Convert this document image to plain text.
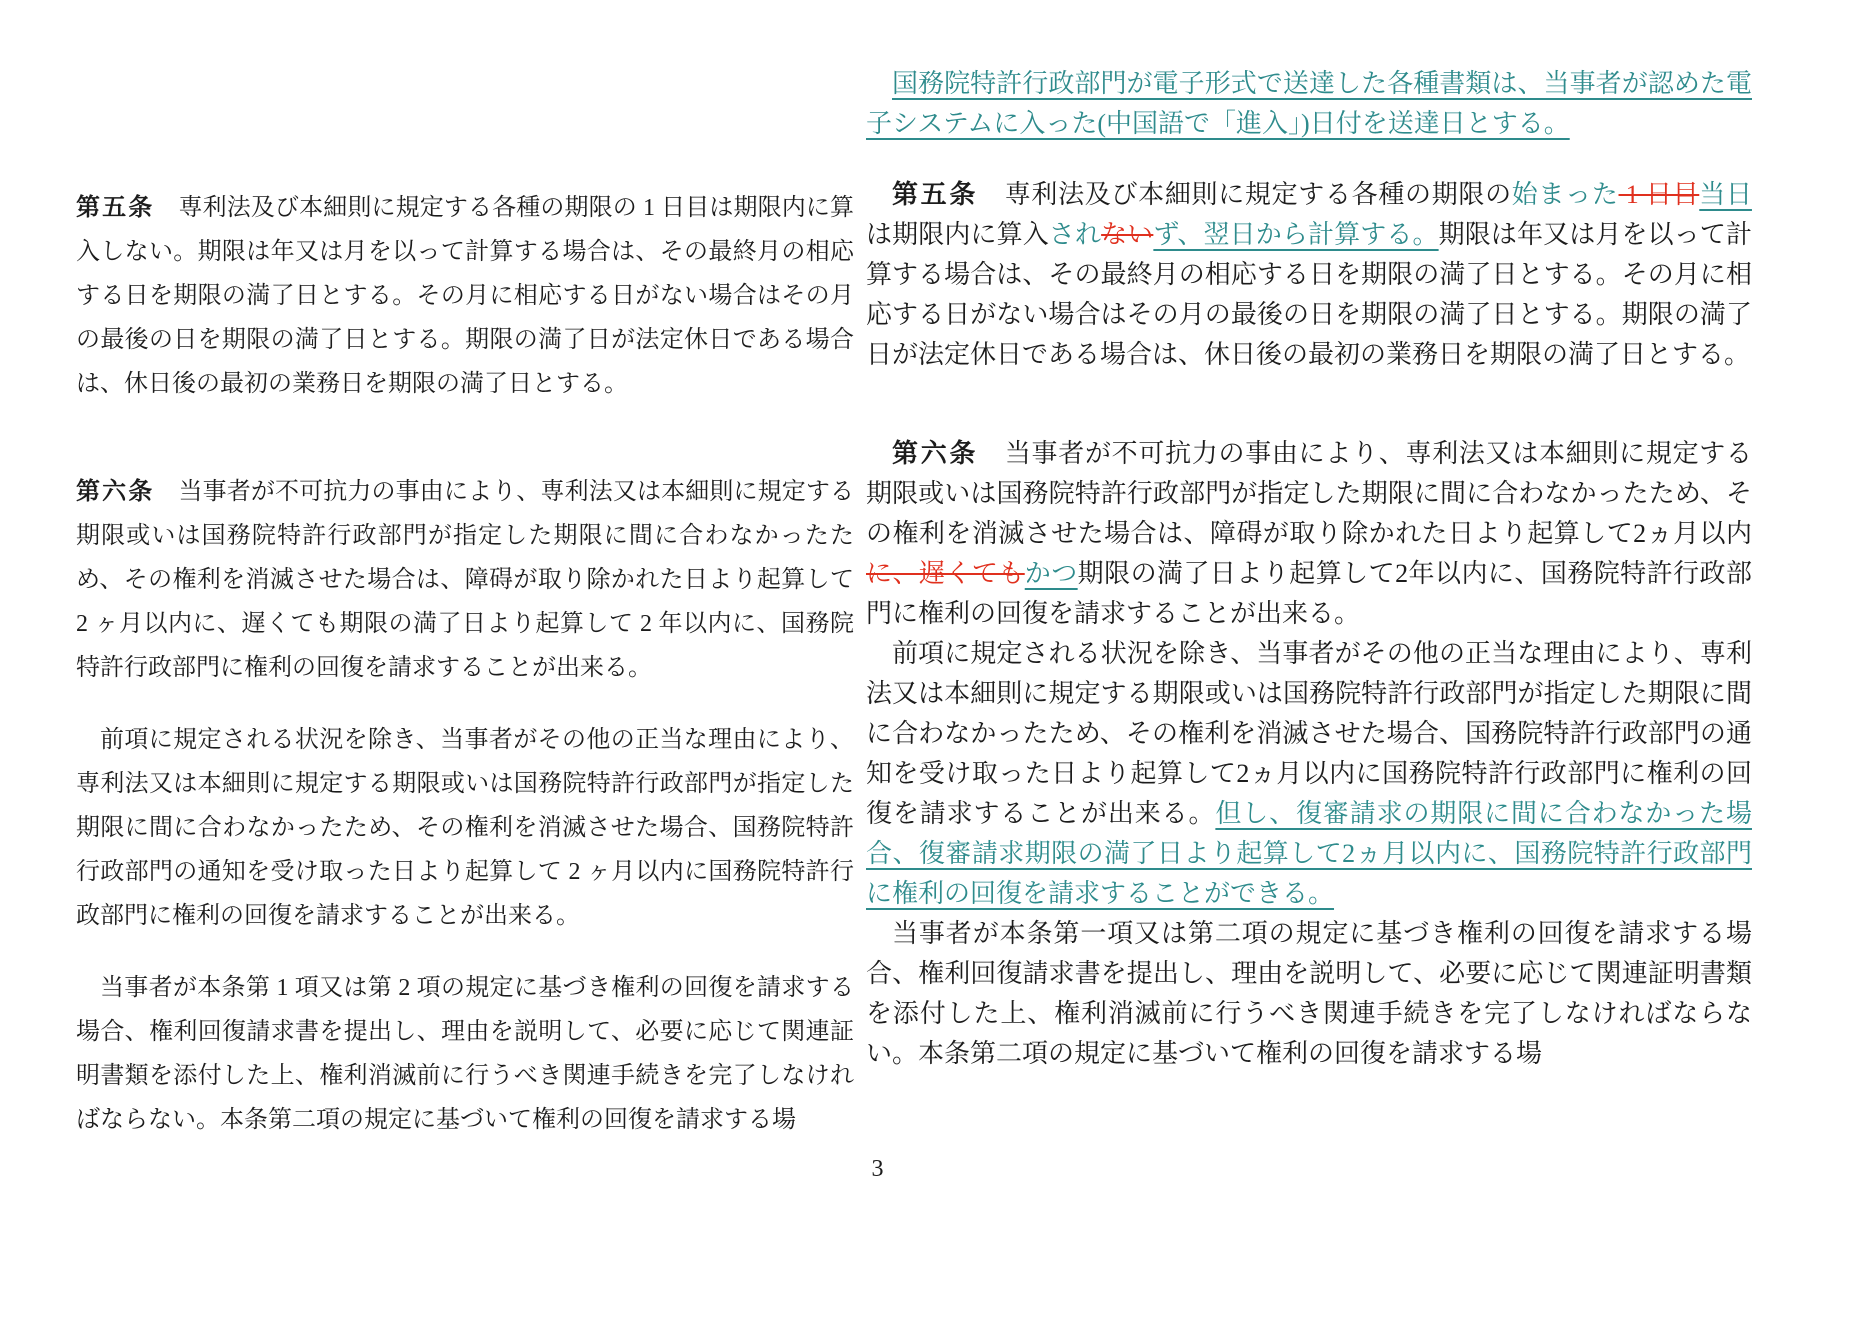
第五条　専利法及び本細則に規定する各種の期限の 1 日目は期限内に算入しない。期限は年又は月を以って計算する場合は、その最終月の相応する日を期限の満了日とする。その月に相応する日がない場合はその月の最後の日を期限の満了日とする。期限の満了日が法定休日である場合は、休日後の最初の業務日を期限の満了日とする。

第六条　当事者が不可抗力の事由により、専利法又は本細則に規定する期限或いは国務院特許行政部門が指定した期限に間に合わなかったため、その権利を消滅させた場合は、障碍が取り除かれた日より起算して 2 ヶ月以内に、遅くても期限の満了日より起算して 2 年以内に、国務院特許行政部門に権利の回復を請求することが出来る。

前項に規定される状況を除き、当事者がその他の正当な理由により、専利法又は本細則に規定する期限或いは国務院特許行政部門が指定した期限に間に合わなかったため、その権利を消滅させた場合、国務院特許行政部門の通知を受け取った日より起算して 2 ヶ月以内に国務院特許行政部門に権利の回復を請求することが出来る。

当事者が本条第 1 項又は第 2 項の規定に基づき権利の回復を請求する場合、権利回復請求書を提出し、理由を説明して、必要に応じて関連証明書類を添付した上、権利消滅前に行うべき関連手続きを完了しなければならない。本条第二項の規定に基づいて権利の回復を請求する場

国務院特許行政部門が電子形式で送達した各種書類は、当事者が認めた電子システムに入った(中国語で「進入」)日付を送達日とする。

第五条　専利法及び本細則に規定する各種の期限の始まった 1 日目当日は期限内に算入されないず、翌日から計算する。期限は年又は月を以って計算する場合は、その最終月の相応する日を期限の満了日とする。その月に相応する日がない場合はその月の最後の日を期限の満了日とする。期限の満了日が法定休日である場合は、休日後の最初の業務日を期限の満了日とする。

第六条　当事者が不可抗力の事由により、専利法又は本細則に規定する期限或いは国務院特許行政部門が指定した期限に間に合わなかったため、その権利を消滅させた場合は、障碍が取り除かれた日より起算して2ヵ月以内に、遅くてもかつ期限の満了日より起算して2年以内に、国務院特許行政部門に権利の回復を請求することが出来る。

前項に規定される状況を除き、当事者がその他の正当な理由により、専利法又は本細則に規定する期限或いは国務院特許行政部門が指定した期限に間に合わなかったため、その権利を消滅させた場合、国務院特許行政部門の通知を受け取った日より起算して2ヵ月以内に国務院特許行政部門に権利の回復を請求することが出来る。但し、復審請求の期限に間に合わなかった場合、復審請求期限の満了日より起算して2ヵ月以内に、国務院特許行政部門に権利の回復を請求することができる。

当事者が本条第一項又は第二項の規定に基づき権利の回復を請求する場合、権利回復請求書を提出し、理由を説明して、必要に応じて関連証明書類を添付した上、権利消滅前に行うべき関連手続きを完了しなければならない。本条第二項の規定に基づいて権利の回復を請求する場

3
